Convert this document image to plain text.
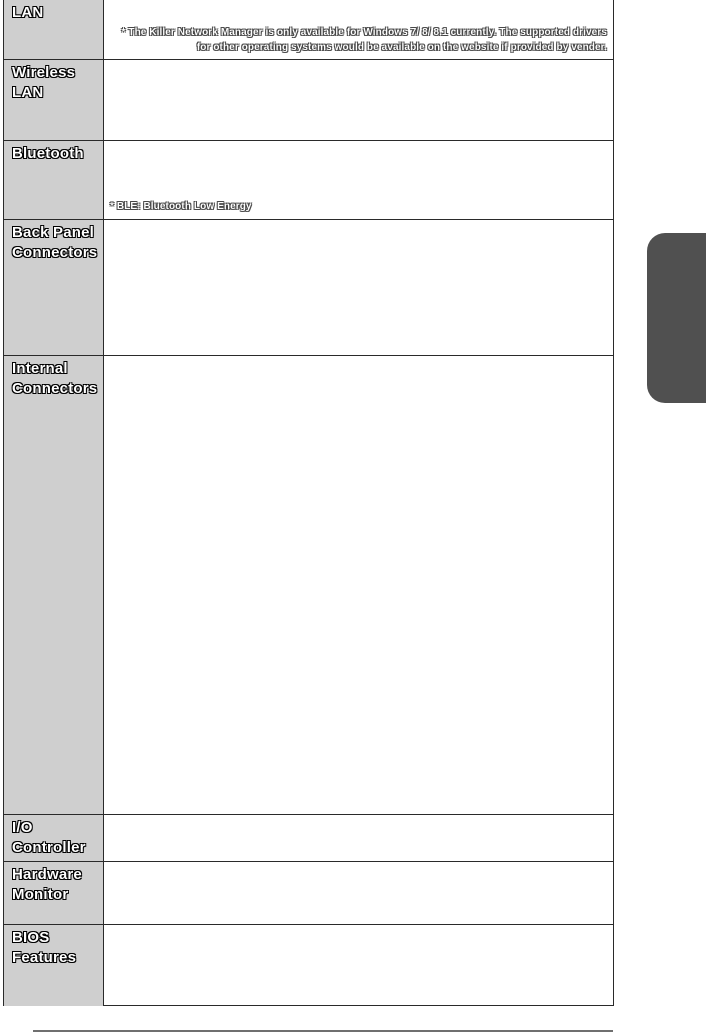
LAN
* The Killer Network Manager is only available for Windows 7/ 8/ 8.1 currently. The supported drivers for other operating systems would be available on the website if provided by vender.
Wireless
LAN
Bluetooth
* BLE: Bluetooth Low Energy
Back Panel
Connectors
Internal
Connectors
I/O
Controller
Hardware
Monitor
BIOS
Features
